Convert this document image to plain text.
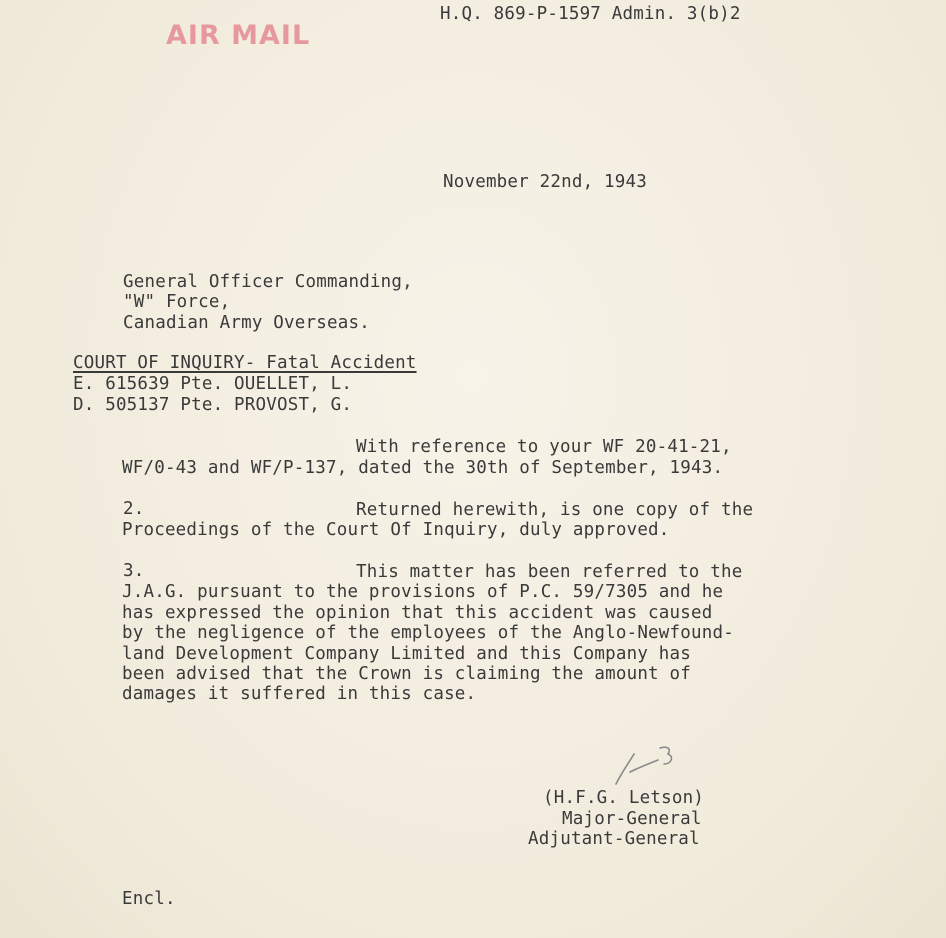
AIR MAIL
H.Q. 869-P-1597 Admin. 3(b)2
November 22nd, 1943
General Officer Commanding,
"W" Force,
Canadian Army Overseas.
COURT OF INQUIRY- Fatal Accident
E. 615639 Pte. OUELLET, L.
D. 505137 Pte. PROVOST, G.
With reference to your WF 20-41-21,
WF/0-43 and WF/P-137, dated the 30th of September, 1943.
2.	Returned herewith, is one copy of the
Proceedings of the Court Of Inquiry, duly approved.
3.	This matter has been referred to the
J.A.G. pursuant to the provisions of P.C. 59/7305 and he
has expressed the opinion that this accident was caused
by the negligence of the employees of the Anglo-Newfound-
land Development Company Limited and this Company has
been advised that the Crown is claiming the amount of
damages it suffered in this case.
(H.F.G. Letson)
Major-General
Adjutant-General
Encl.
